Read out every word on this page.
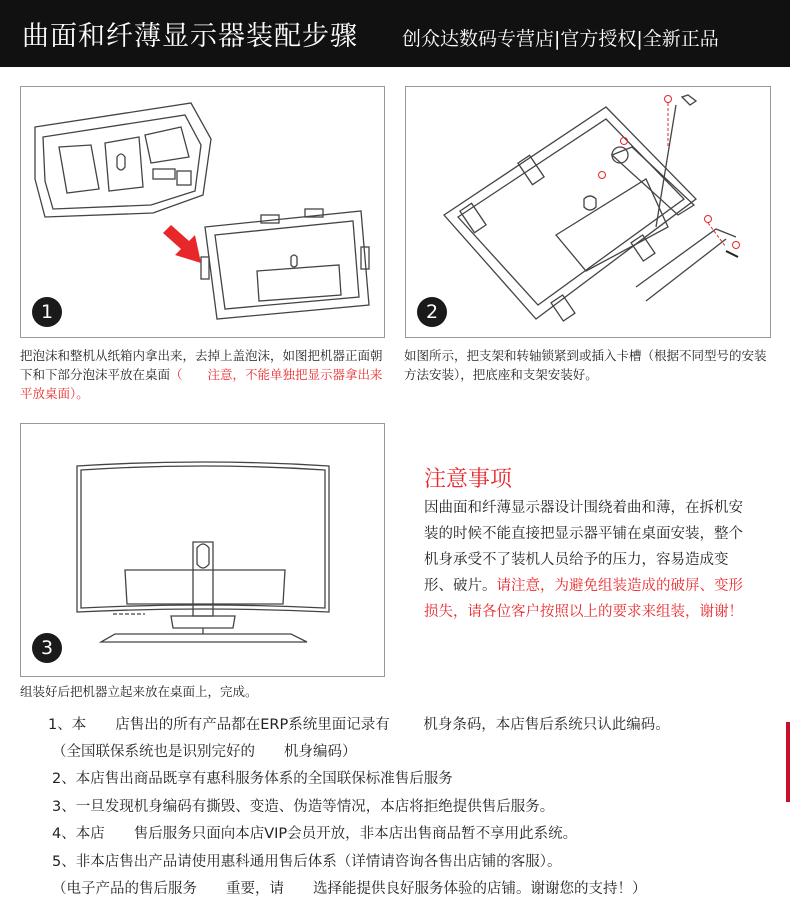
曲面和纤薄显示器装配步骤 创众达数码专营店|官方授权|全新正品
1	2
把泡沫和整机从纸箱内拿出来，去掉上盖泡沫，如图把机器正面朝下和下部分泡沫平放在桌面（　　注意，不能单独把显示器拿出来平放桌面）。
如图所示，把支架和转轴锁紧到或插入卡槽（根据不同型号的安装方法安装），把底座和支架安装好。
3
组装好后把机器立起来放在桌面上，完成。
注意事项
因曲面和纤薄显示器设计围绕着曲和薄，在拆机安装的时候不能直接把显示器平铺在桌面安装，整个机身承受不了装机人员给予的压力，容易造成变形、破片。请注意，为避免组装造成的破屏、变形损失，请各位客户按照以上的要求来组装，谢谢！
1、本　　店售出的所有产品都在ERP系统里面记录有　　 机身条码，本店售后系统只认此编码。
（全国联保系统也是识别完好的　　机身编码）
2、本店售出商品既享有惠科服务体系的全国联保标准售后服务
3、一旦发现机身编码有撕毁、变造、伪造等情况，本店将拒绝提供售后服务。
4、本店　　售后服务只面向本店VIP会员开放，非本店出售商品暂不享用此系统。
5、非本店售出产品请使用惠科通用售后体系（详情请咨询各售出店铺的客服）。
（电子产品的售后服务　　重要，请　　选择能提供良好服务体验的店铺。谢谢您的支持！）
